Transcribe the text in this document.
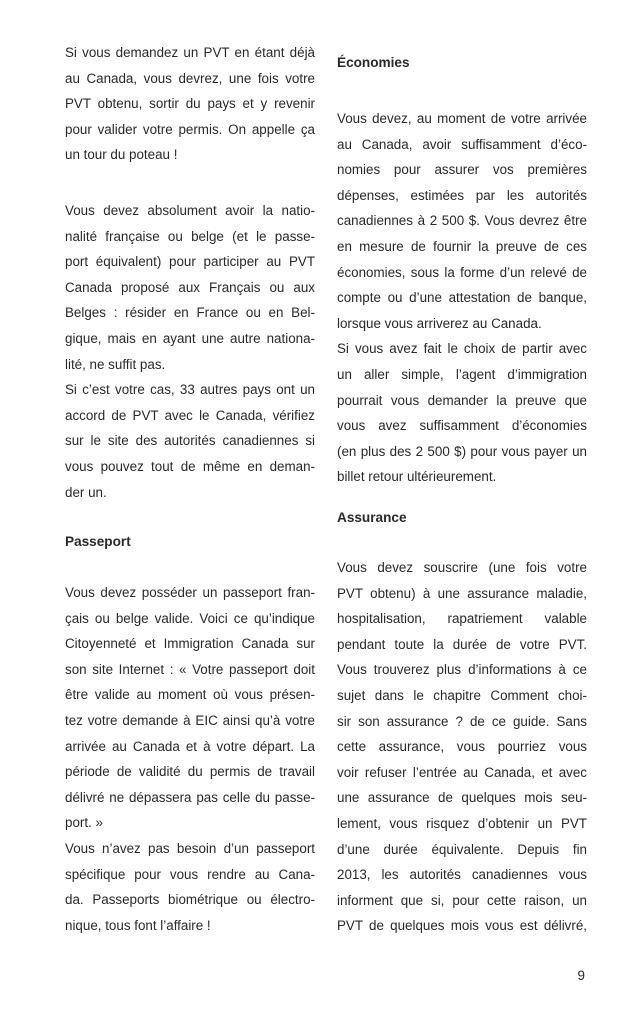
Si vous demandez un PVT en étant déjà
au Canada, vous devrez, une fois votre
PVT obtenu, sortir du pays et y revenir
pour valider votre permis. On appelle ça
un tour du poteau !
Vous devez absolument avoir la natio-
nalité française ou belge (et le passe-
port équivalent) pour participer au PVT
Canada proposé aux Français ou aux
Belges : résider en France ou en Bel-
gique, mais en ayant une autre nationa-
lité, ne suffit pas.
Si c’est votre cas, 33 autres pays ont un
accord de PVT avec le Canada, vérifiez
sur le site des autorités canadiennes si
vous pouvez tout de même en deman-
der un.
Passeport
Vous devez posséder un passeport fran-
çais ou belge valide. Voici ce qu’indique
Citoyenneté et Immigration Canada sur
son site Internet : « Votre passeport doit
être valide au moment où vous présen-
tez votre demande à EIC ainsi qu’à votre
arrivée au Canada et à votre départ. La
période de validité du permis de travail
délivré ne dépassera pas celle du passe-
port. »
Vous n’avez pas besoin d’un passeport
spécifique pour vous rendre au Cana-
da. Passeports biométrique ou électro-
nique, tous font l’affaire !
Économies
Vous devez, au moment de votre arrivée
au Canada, avoir suffisamment d’éco-
nomies pour assurer vos premières
dépenses, estimées par les autorités
canadiennes à 2 500 $. Vous devrez être
en mesure de fournir la preuve de ces
économies, sous la forme d’un relevé de
compte ou d’une attestation de banque,
lorsque vous arriverez au Canada.
Si vous avez fait le choix de partir avec
un aller simple, l’agent d’immigration
pourrait vous demander la preuve que
vous avez suffisamment d’économies
(en plus des 2 500 $) pour vous payer un
billet retour ultérieurement.
Assurance
Vous devez souscrire (une fois votre
PVT obtenu) à une assurance maladie,
hospitalisation, rapatriement valable
pendant toute la durée de votre PVT.
Vous trouverez plus d’informations à ce
sujet dans le chapitre Comment choi-
sir son assurance ? de ce guide. Sans
cette assurance, vous pourriez vous
voir refuser l’entrée au Canada, et avec
une assurance de quelques mois seu-
lement, vous risquez d’obtenir un PVT
d’une durée équivalente. Depuis fin
2013, les autorités canadiennes vous
informent que si, pour cette raison, un
PVT de quelques mois vous est délivré,
9
